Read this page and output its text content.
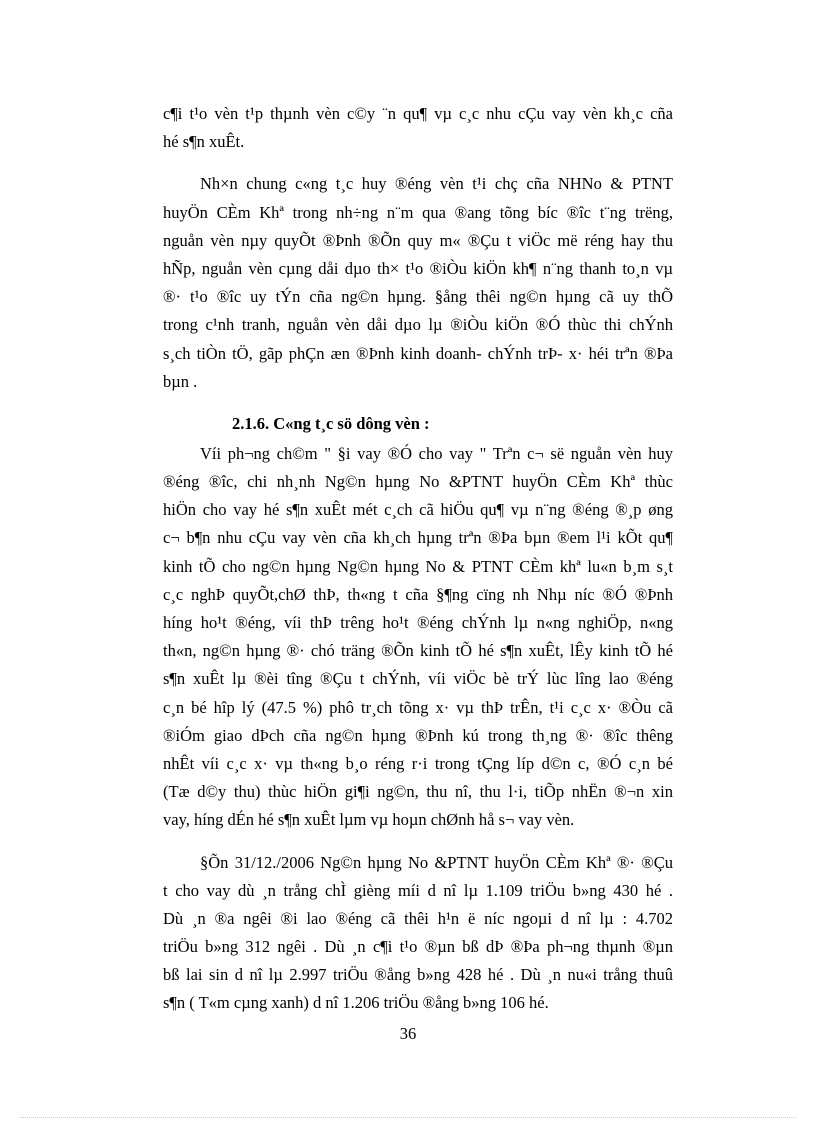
c¶i t¹o vèn t¹p thµnh vèn c©y ¨n qu¶ vµ c¸c nhu cÇu vay vèn kh¸c cña
hé s¶n xuÊt.
Nh×n chung c«ng t¸c huy ®éng vèn t¹i chç cña NHNo & PTNT
huyÖn CÈm Khª trong nh÷ng n¨m qua ®ang tõng bíc ®îc t¨ng trëng,
nguån vèn nµy quyÕt ®Þnh ®Õn quy m« ®Çu t viÖc më réng hay thu
hÑp, nguån vèn cµng dåi dµo th× t¹o ®iÒu kiÖn kh¶ n¨ng thanh to¸n vµ
®· t¹o ®îc uy tÝn cña ng©n hµng. §ång thêi ng©n hµng cã uy thÕ
trong c¹nh tranh, nguån vèn dåi dµo lµ ®iÒu kiÖn ®Ó thùc thi chÝnh
s¸ch tiÒn tÖ, gãp phÇn æn ®Þnh kinh doanh- chÝnh trÞ- x· héi trªn ®Þa
bµn .
2.1.6. C«ng t¸c sö dông vèn :
Víi ph¬ng ch©m " §i vay ®Ó cho vay " Trªn c¬ së nguån vèn huy
®éng ®îc, chi nh¸nh Ng©n hµng No &PTNT huyÖn CÈm Khª thùc
hiÖn cho vay hé s¶n xuÊt mét c¸ch cã hiÖu qu¶ vµ n¨ng ®éng ®¸p øng
c¬ b¶n nhu cÇu vay vèn cña kh¸ch hµng trªn ®Þa bµn ®em l¹i kÕt qu¶
kinh tÕ cho ng©n hµng Ng©n hµng No & PTNT CÈm khª lu«n b¸m s¸t
c¸c nghÞ quyÕt,chØ thÞ, th«ng t cña §¶ng cïng nh Nhµ níc ®Ó ®Þnh
híng ho¹t ®éng, víi thÞ trêng ho¹t ®éng chÝnh lµ n«ng nghiÖp, n«ng
th«n, ng©n hµng ®· chó träng ®Õn kinh tÕ hé s¶n xuÊt, lÊy kinh tÕ hé
s¶n xuÊt lµ ®èi tîng ®Çu t chÝnh, víi viÖc bè trÝ lùc lîng lao ®éng
c¸n bé hîp lý (47.5 %) phô tr¸ch tõng x· vµ thÞ trÊn, t¹i c¸c x· ®Òu cã
®iÓm giao dÞch cña ng©n hµng ®Þnh kú trong th¸ng ®· ®îc thêng
nhÊt víi c¸c x· vµ th«ng b¸o réng r·i trong tÇng líp d©n c, ®Ó c¸n bé
(Tæ d©y thu) thùc hiÖn gi¶i ng©n, thu nî, thu l·i, tiÕp nhËn ®¬n xin
vay, híng dÉn hé s¶n xuÊt lµm vµ hoµn chØnh hå s¬ vay vèn.
§Õn 31/12./2006 Ng©n hµng No &PTNT huyÖn CÈm Khª ®· ®Çu
t cho vay dù ¸n trång chÌ gièng míi d nî lµ 1.109 triÖu b»ng 430 hé .
Dù ¸n ®a ngêi ®i lao ®éng cã thêi h¹n ë níc ngoµi d nî lµ : 4.702
triÖu b»ng 312 ngêi . Dù ¸n c¶i t¹o ®µn bß dÞ ®Þa ph¬ng thµnh ®µn
bß lai sin d nî lµ 2.997 triÖu ®ång b»ng 428 hé . Dù ¸n nu«i trång thuû
s¶n ( T«m cµng xanh) d nî 1.206 triÖu ®ång b»ng 106 hé.
36
